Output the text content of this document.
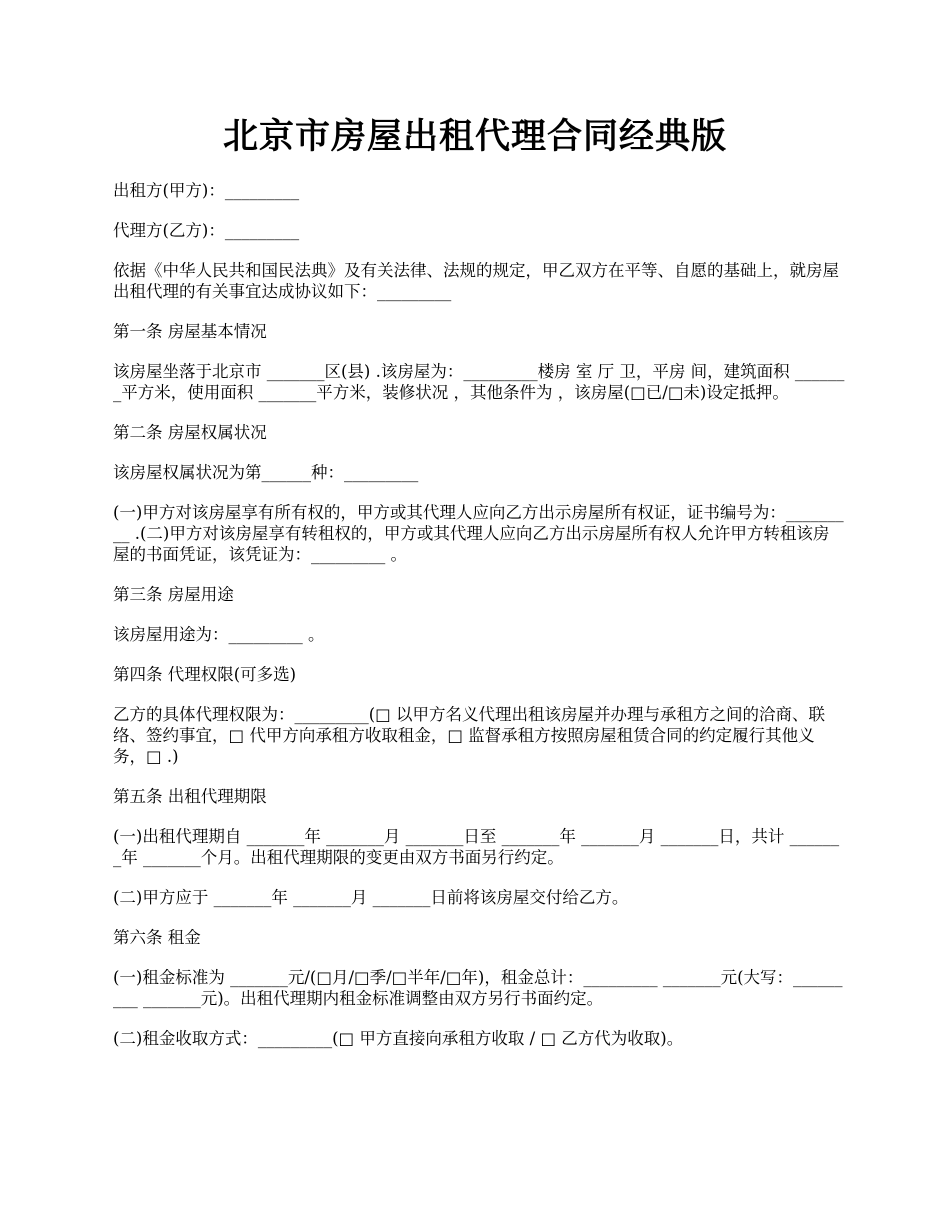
北京市房屋出租代理合同经典版

出租方(甲方)：_________

代理方(乙方)：_________

依据《中华人民共和国民法典》及有关法律、法规的规定，甲乙双方在平等、自愿的基础上，就房屋出租代理的有关事宜达成协议如下：_________

第一条 房屋基本情况

该房屋坐落于北京市 _______区(县) .该房屋为：_________楼房 室 厅 卫，平房 间，建筑面积 _______平方米，使用面积 _______平方米，装修状况 ，其他条件为 ，该房屋(□已/□未)设定抵押。

第二条 房屋权属状况

该房屋权属状况为第______种：_________

(一)甲方对该房屋享有所有权的，甲方或其代理人应向乙方出示房屋所有权证，证书编号为：_________ .(二)甲方对该房屋享有转租权的，甲方或其代理人应向乙方出示房屋所有权人允许甲方转租该房屋的书面凭证，该凭证为：_________ 。

第三条 房屋用途

该房屋用途为：_________ 。

第四条 代理权限(可多选)

乙方的具体代理权限为：_________(□ 以甲方名义代理出租该房屋并办理与承租方之间的洽商、联络、签约事宜，□ 代甲方向承租方收取租金，□ 监督承租方按照房屋租赁合同的约定履行其他义务，□ .)

第五条 出租代理期限

(一)出租代理期自 _______年 _______月 _______日至 _______年 _______月 _______日，共计 _______年 _______个月。出租代理期限的变更由双方书面另行约定。

(二)甲方应于 _______年 _______月 _______日前将该房屋交付给乙方。

第六条 租金

(一)租金标准为 _______元/(□月/□季/□半年/□年)，租金总计：_________ _______元(大写：_________ _______元)。出租代理期内租金标准调整由双方另行书面约定。

(二)租金收取方式：_________(□ 甲方直接向承租方收取 / □ 乙方代为收取)。
